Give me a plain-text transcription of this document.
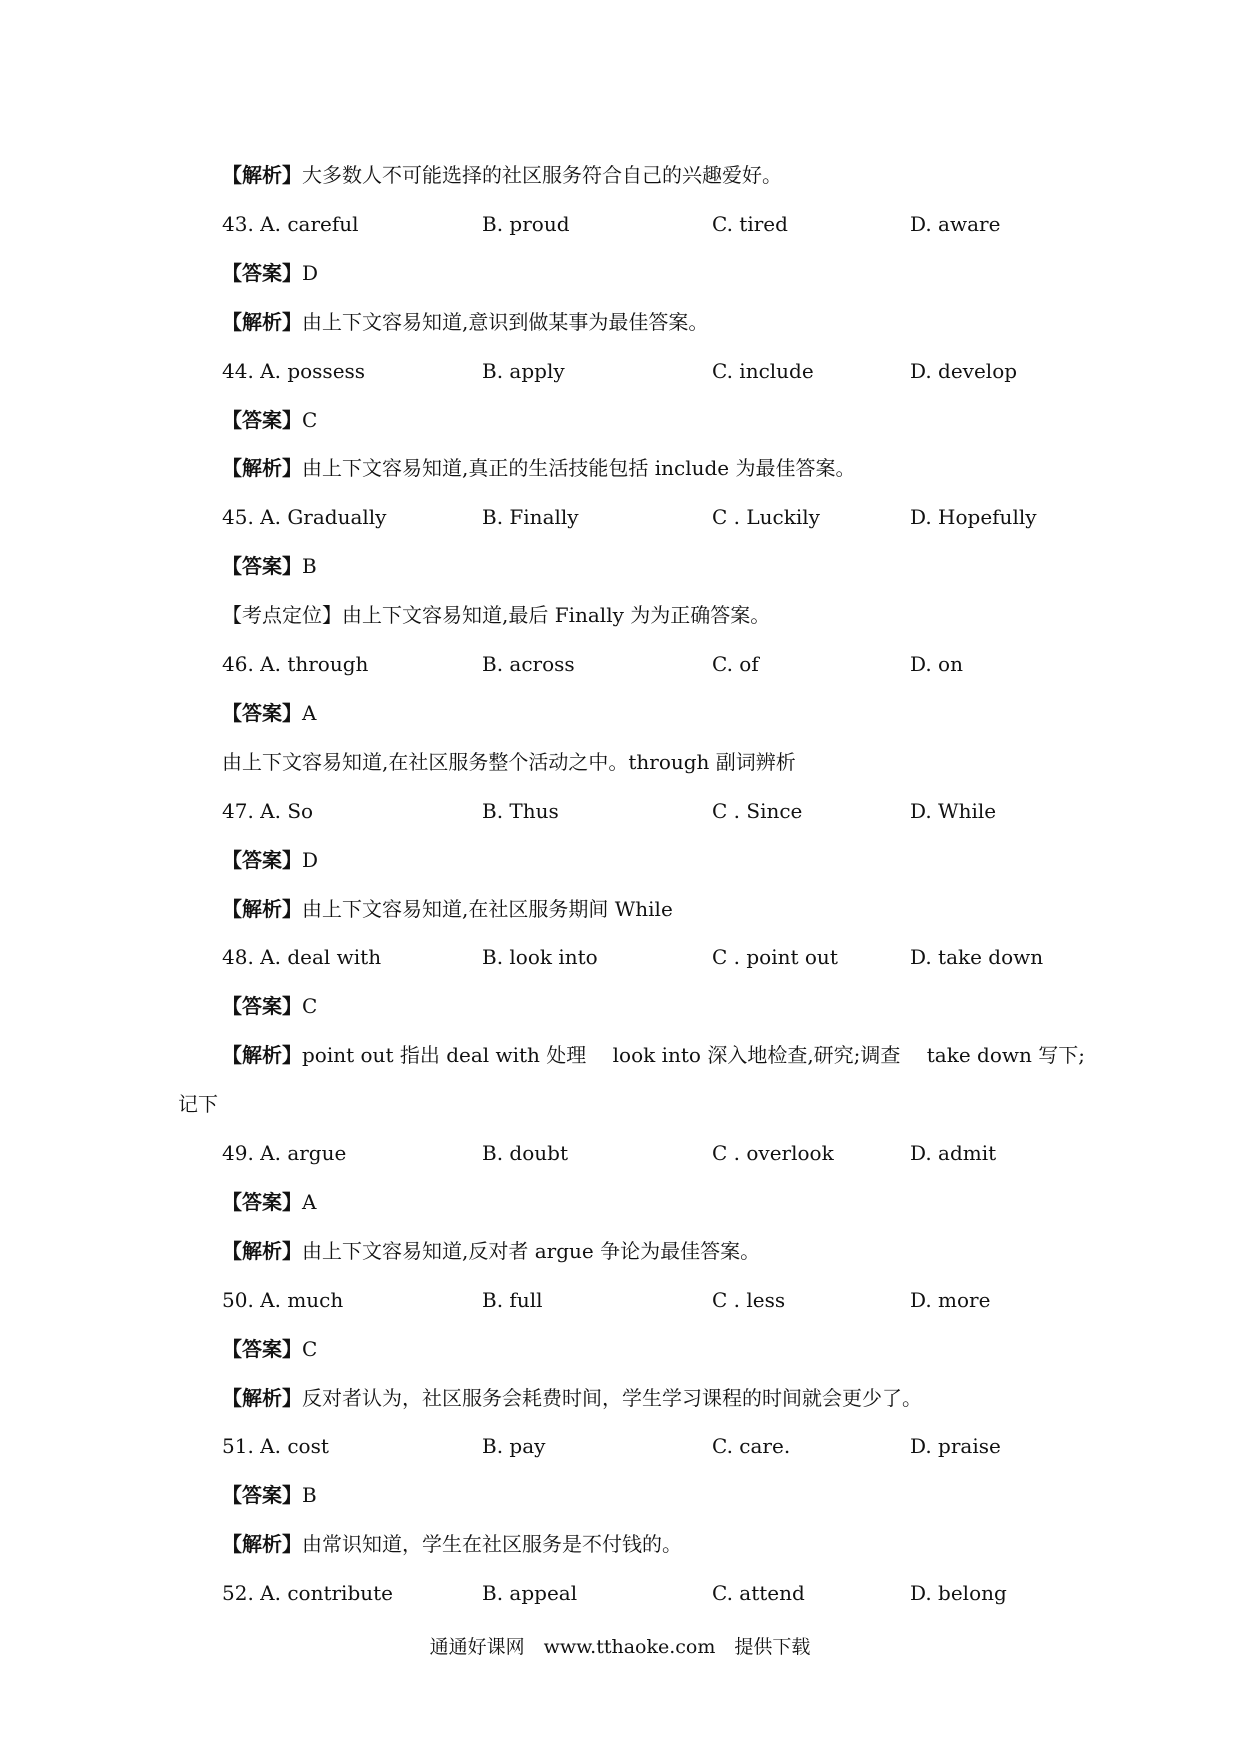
【解析】大多数人不可能选择的社区服务符合自己的兴趣爱好。
43. A. careful	B. proud	C. tired	D. aware
【答案】D
【解析】由上下文容易知道,意识到做某事为最佳答案。
44. A. possess	B. apply	C. include	D. develop
【答案】C
【解析】由上下文容易知道,真正的生活技能包括 include 为最佳答案。
45. A. Gradually	B. Finally	C . Luckily	D. Hopefully
【答案】B
【考点定位】由上下文容易知道,最后 Finally 为为正确答案。
46. A. through	B. across	C. of	D. on
【答案】A
由上下文容易知道,在社区服务整个活动之中。through 副词辨析
47. A. So	B. Thus	C . Since	D. While
【答案】D
【解析】由上下文容易知道,在社区服务期间 While
48. A. deal with	B. look into	C . point out	D. take down
【答案】C
【解析】point out 指出 deal with 处理　 look into 深入地检查,研究;调查　 take down 写下;
记下
49. A. argue	B. doubt	C . overlook	D. admit
【答案】A
【解析】由上下文容易知道,反对者 argue 争论为最佳答案。
50. A. much	B. full	C . less	D. more
【答案】C
【解析】反对者认为，社区服务会耗费时间，学生学习课程的时间就会更少了。
51. A. cost	B. pay	C. care.	D. praise
【答案】B
【解析】由常识知道，学生在社区服务是不付钱的。
52. A. contribute	B. appeal	C. attend	D. belong
通通好课网　www.tthaoke.com　提供下载
